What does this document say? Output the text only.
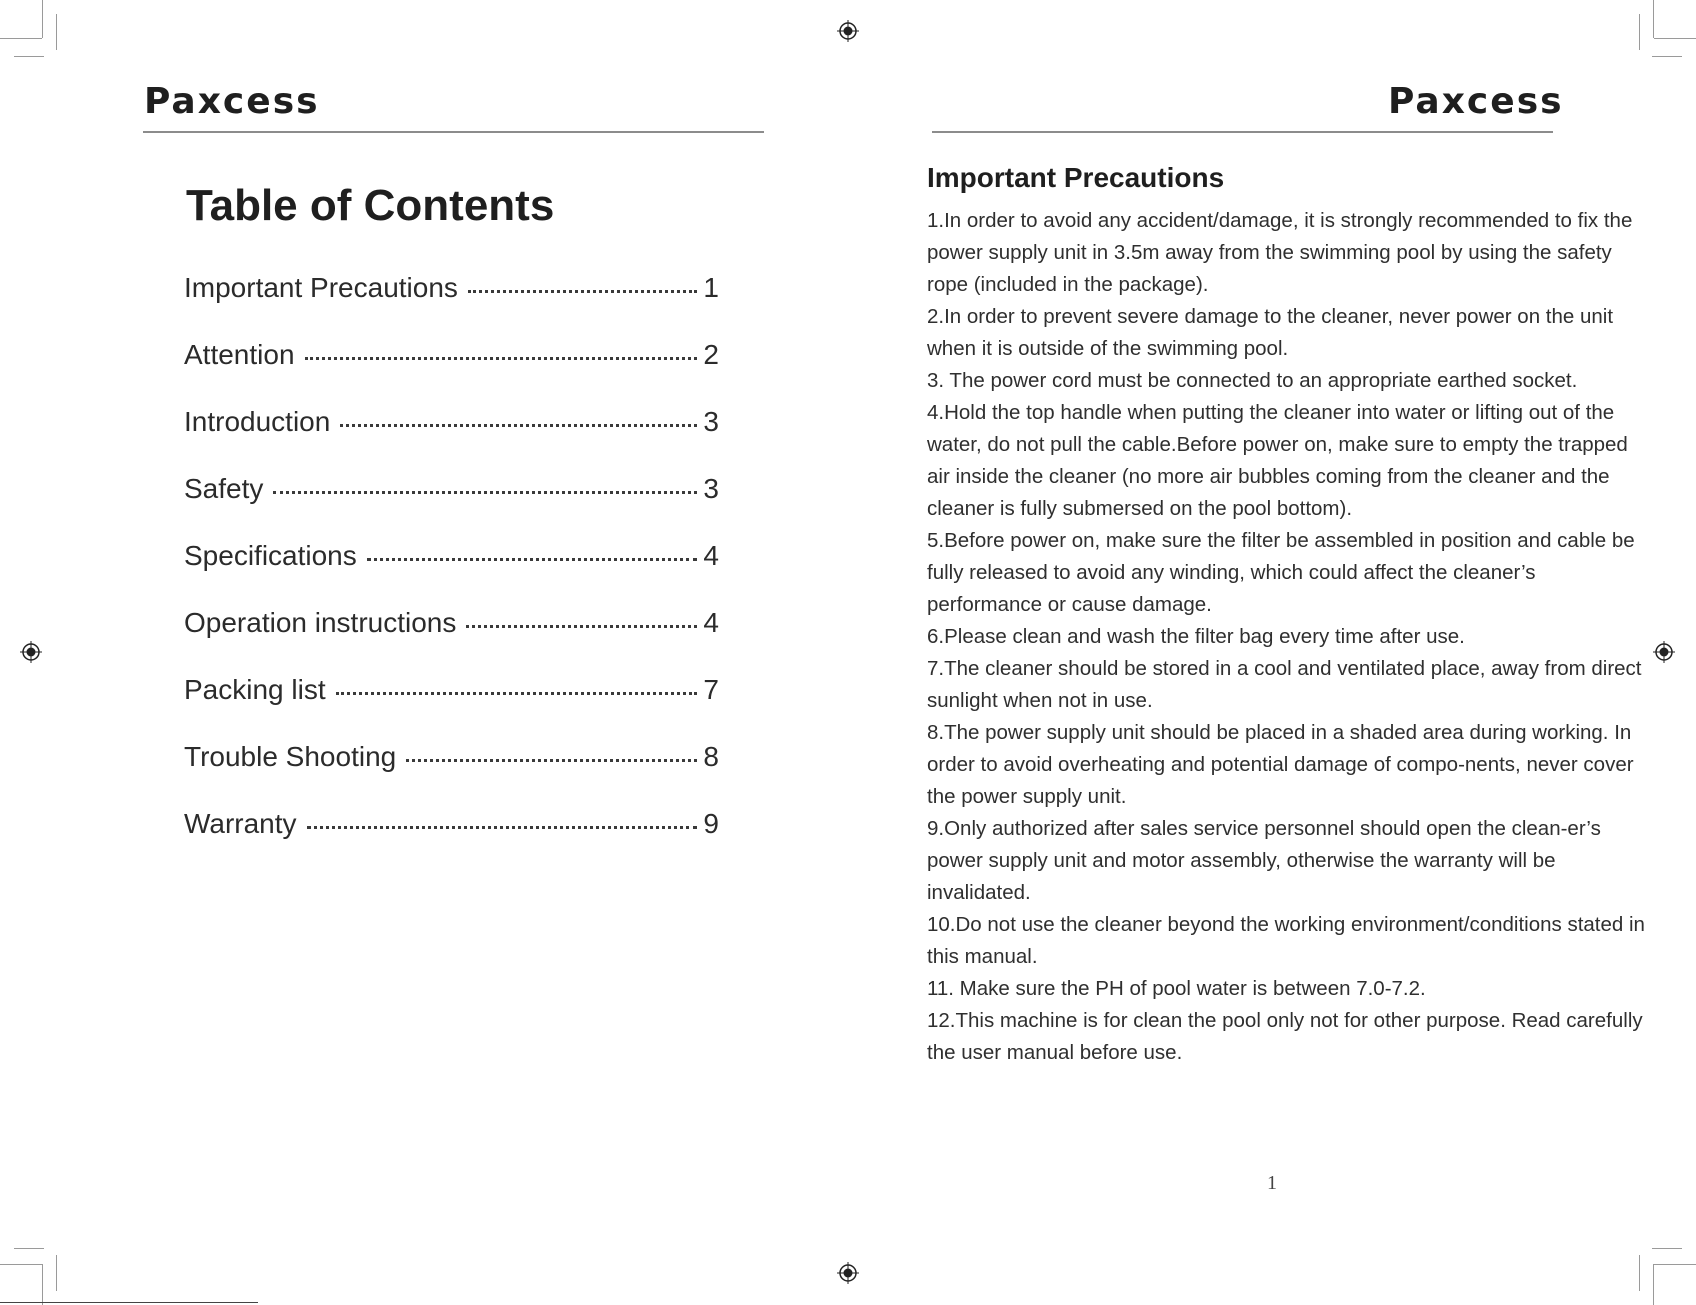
Paxcess
Table of Contents
Important Precautions	1
Attention	2
Introduction	3
Safety	3
Specifications	4
Operation instructions	4
Packing list	7
Trouble Shooting	8
Warranty	9
Paxcess
Important Precautions
1.In order to avoid any accident/damage, it is strongly recommended to fix the power supply unit in 3.5m away from the swimming pool by using the safety rope (included in the package).
2.In order to prevent severe damage to the cleaner, never power on the unit when it is outside of the swimming pool.
3. The power cord must be connected to an appropriate earthed socket.
4.Hold the top handle when putting the cleaner into water or lifting out of the water, do not pull the cable.Before power on, make sure to empty the trapped air inside the cleaner (no more air bubbles coming from the cleaner and the cleaner is fully submersed on the pool bottom).
5.Before power on, make sure the filter be assembled in position and cable be fully released to avoid any winding, which could affect the cleaner’s performance or cause damage.
6.Please clean and wash the filter bag every time after use.
7.The cleaner should be stored in a cool and ventilated place, away from direct sunlight when not in use.
8.The power supply unit should be placed in a shaded area during working. In order to avoid overheating and potential damage of compo-nents, never cover the power supply unit.
9.Only authorized after sales service personnel should open the clean-er’s power supply unit and motor assembly, otherwise the warranty will be invalidated.
10.Do not use the cleaner beyond the working environment/conditions stated in this manual.
11. Make sure the PH of pool water is between 7.0-7.2.
12.This machine is for clean the pool only not for other purpose. Read carefully the user manual before use.
1
